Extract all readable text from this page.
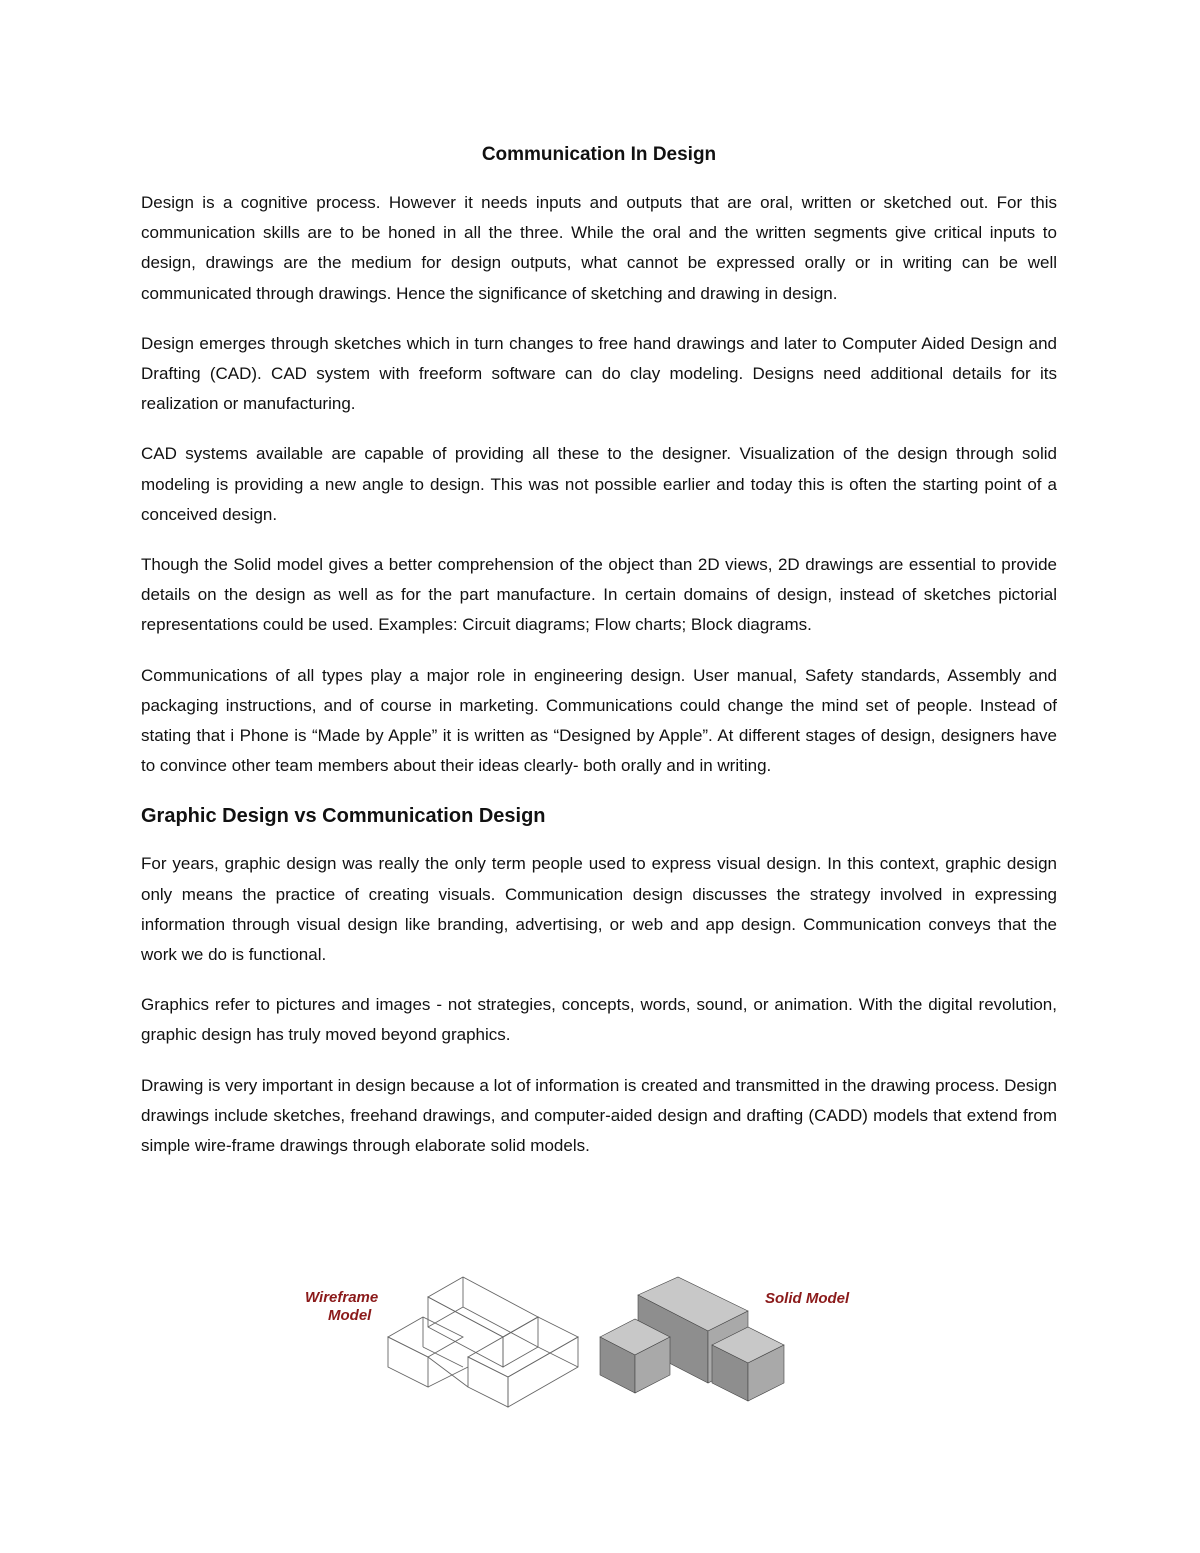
Communication In Design

Design is a cognitive process. However it needs inputs and outputs that are oral, written or sketched out. For this communication skills are to be honed in all the three. While the oral and the written segments give critical inputs to design, drawings are the medium for design outputs, what cannot be expressed orally or in writing can be well communicated through drawings. Hence the significance of sketching and drawing in design.

Design emerges through sketches which in turn changes to free hand drawings and later to Computer Aided Design and Drafting (CAD). CAD system with freeform software can do clay modeling. Designs need additional details for its realization or manufacturing.

CAD systems available are capable of providing all these to the designer. Visualization of the design through solid modeling is providing a new angle to design. This was not possible earlier and today this is often the starting point of a conceived design.

Though the Solid model gives a better comprehension of the object than 2D views, 2D drawings are essential to provide details on the design as well as for the part manufacture. In certain domains of design, instead of sketches pictorial representations could be used. Examples: Circuit diagrams; Flow charts; Block diagrams.

Communications of all types play a major role in engineering design. User manual, Safety standards, Assembly and packaging instructions, and of course in marketing. Communications could change the mind set of people. Instead of stating that i Phone is “Made by Apple” it is written as “Designed by Apple”. At different stages of design, designers have to convince other team members about their ideas clearly- both orally and in writing.

Graphic Design vs Communication Design

For years, graphic design was really the only term people used to express visual design. In this context, graphic design only means the practice of creating visuals. Communication design discusses the strategy involved in expressing information through visual design like branding, advertising, or web and app design. Communication conveys that the work we do is functional.

Graphics refer to pictures and images - not strategies, concepts, words, sound, or animation. With the digital revolution, graphic design has truly moved beyond graphics.

Drawing is very important in design because a lot of information is created and transmitted in the drawing process. Design drawings include sketches, freehand drawings, and computer-aided design and drafting (CADD) models that extend from simple wire-frame drawings through elaborate solid models.

Wireframe
Model
Solid Model
